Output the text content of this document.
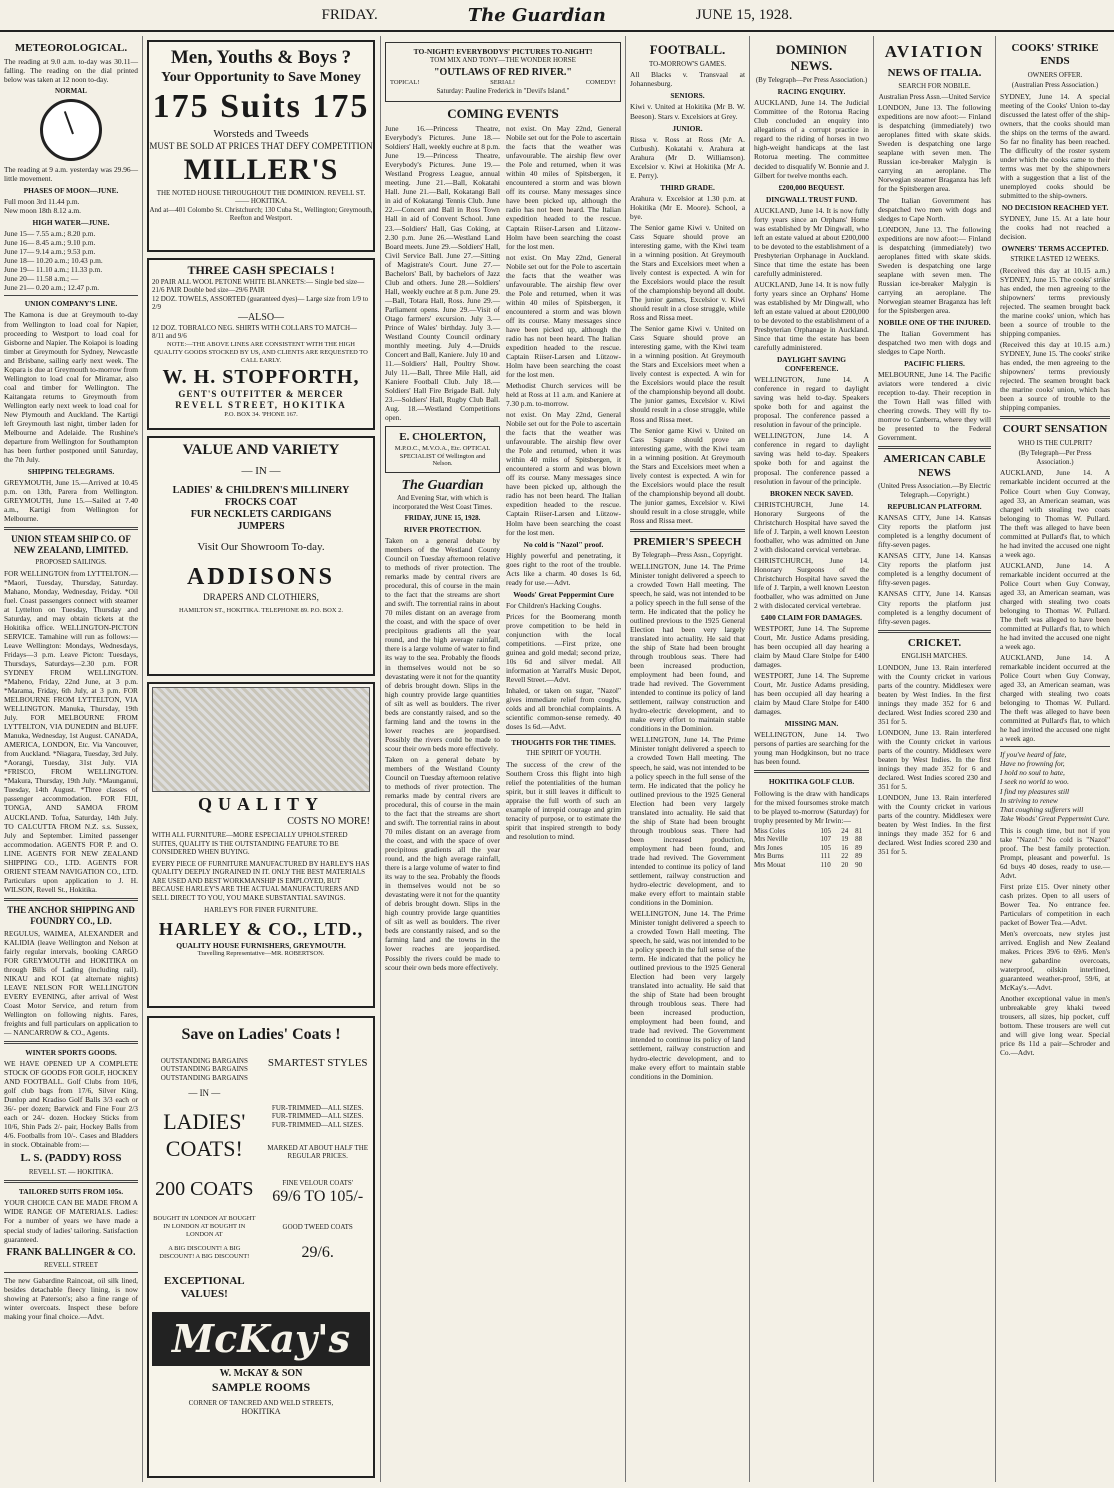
FRIDAY.	The Guardian	JUNE 15, 1928.
METEOROLOGICAL.

The reading at 9.0 a.m. to-day was 30.11—falling. The reading on the dial printed below was taken at 12 noon to-day.

NORMAL

The reading at 9 a.m. yesterday was 29.96—little movement.

PHASES OF MOON—JUNE.
Full moon 3rd 11.44 p.m.
New moon 18th 8.12 a.m.
HIGH WATER—JUNE.
June 15— 7.55 a.m.; 8.20 p.m.
June 16— 8.45 a.m.; 9.10 p.m.
June 17— 9.14 a.m.; 9.53 p.m.
June 18— 10.20 a.m.; 10.43 p.m.
June 19— 11.10 a.m.; 11.33 p.m.
June 20— 11.58 a.m.; —
June 21— 0.20 a.m.; 12.47 p.m.
UNION COMPANY'S LINE.

The Kamona is due at Greymouth to-day from Wellington to load coal for Napier, proceeding to Westport to load coal for Gisborne and Napier. The Koiapoi is loading timber at Greymouth for Sydney, Newcastle and Brisbane, sailing early next week. The Kopara is due at Greymouth to-morrow from Wellington to load coal for Miramar, also coal and timber for Wellington. The Kaitangata returns to Greymouth from Wellington early next week to load coal for New Plymouth and Auckland. The Kartigi left Greymouth last night, timber laden for Melbourne and Adelaide. The Rushine's departure from Wellington for Southampton has been further postponed until Saturday, the 7th July.

SHIPPING TELEGRAMS.

GREYMOUTH, June 15.—Arrived at 10.45 p.m. on 13th, Parera from Wellington. GREYMOUTH, June 15.—Sailed at 7.40 a.m., Kartigi from Wellington for Melbourne.

UNION STEAM SHIP CO. OF NEW ZEALAND, LIMITED.
PROPOSED SAILINGS.

FOR WELLINGTON from LYTTELTON.— *Maori, Tuesday, Thursday, Saturday. Mahano, Monday, Wednesday, Friday. *Oil fuel. Coast passengers connect with steamer at Lyttelton on Tuesday, Thursday and Saturday, and may obtain tickets at the Hokitika office. WELLINGTON-PICTON SERVICE. Tamahine will run as follows:— Leave Wellington: Mondays, Wednesdays, Fridays—3 p.m. Leave Picton: Tuesdays, Thursdays, Saturdays—2.30 p.m. FOR SYDNEY FROM WELLINGTON. *Maheno, Friday, 22nd June, at 3 p.m. *Marama, Friday, 6th July, at 3 p.m. FOR MELBOURNE FROM LYTTELTON, VIA WELLINGTON. Manuka, Thursday, 19th July. FOR MELBOURNE FROM LYTTELTON, VIA DUNEDIN and BLUFF. Manuka, Wednesday, 1st August. CANADA, AMERICA, LONDON, Etc. Via Vancouver, from Auckland. *Niagara, Tuesday, 3rd July. *Aorangi, Tuesday, 31st July. VIA *FRISCO, FROM WELLINGTON. *Makura, Thursday, 19th July. *Maunganui, Tuesday, 14th August. *Three classes of passenger accommodation. FOR FIJI, TONGA, AND SAMOA FROM AUCKLAND. Tofua, Saturday, 14th July. TO CALCUTTA FROM N.Z. s.s. Sussex, July and September. Limited passenger accommodation. AGENTS FOR P. and O. LINE. AGENTS FOR NEW ZEALAND SHIPPING CO., LTD. AGENTS FOR ORIENT STEAM NAVIGATION CO., LTD. Particulars upon application to J. H. WILSON, Revell St., Hokitika.

THE ANCHOR SHIPPING AND FOUNDRY CO., LD.

REGULUS, WAIMEA, ALEXANDER and KALIDIA (leave Wellington and Nelson at fairly regular intervals, booking CARGO FOR GREYMOUTH and HOKITIKA on through Bills of Lading (including rail). NIKAU and KOI (at alternate nights) LEAVE NELSON FOR WELLINGTON EVERY EVENING, after arrival of West Coast Motor Service, and return from Wellington on following nights. Fares, freights and full particulars on application to— NANCARROW & CO., Agents.

WINTER SPORTS GOODS.

WE HAVE OPENED UP A COMPLETE STOCK OF GOODS FOR GOLF, HOCKEY AND FOOTBALL. Golf Clubs from 10/6, golf club bags from 17/6, Silver King, Dunlop and Kradiso Golf Balls 3/3 each or 36/- per dozen; Barwick and Fine Four 2/3 each or 24/- dozen. Hockey Sticks from 10/6, Shin Pads 2/- pair, Hockey Balls from 4/6. Footballs from 10/-. Cases and Bladders in stock. Obtainable from:—

L. S. (PADDY) ROSS
REVELL ST. — HOKITIKA.
TAILORED SUITS FROM 105s.

YOUR CHOICE CAN BE MADE FROM A WIDE RANGE OF MATERIALS. Ladies: For a number of years we have made a special study of ladies' tailoring. Satisfaction guaranteed.

FRANK BALLINGER & CO.
REVELL STREET

The new Gabardine Raincoat, oil silk lined, besides detachable fleecy lining, is now showing at Paterson's; also a fine range of winter overcoats. Inspect these before making your final choice.—Advt.

Men, Youths & Boys ?
Your Opportunity to Save Money
175 Suits 175
Worsteds and Tweeds
MUST BE SOLD AT PRICES THAT DEFY COMPETITION
MILLER'S
THE NOTED HOUSE THROUGHOUT THE DOMINION. REVELL ST. —— HOKITIKA.
And at—401 Colombo St. Christchurch; 130 Cuba St., Wellington; Greymouth, Reefton and Westport.
THREE CASH SPECIALS !
20 PAIR ALL WOOL PETONE WHITE BLANKETS:— Single bed size—21/6 PAIR Double bed size—29/6 PAIR
12 DOZ. TOWELS, ASSORTED (guaranteed dyes)— Large size from 1/9 to 2/9
—ALSO—
12 DOZ. TOBRALCO NEG. SHIRTS WITH COLLARS TO MATCH— 8/11 and 9/6
NOTE:—THE ABOVE LINES ARE CONSISTENT WITH THE HIGH QUALITY GOODS STOCKED BY US, AND CLIENTS ARE REQUESTED TO CALL EARLY.
W. H. STOPFORTH,
GENT'S OUTFITTER & MERCER
REVELL STREET, HOKITIKA
P.O. BOX 34. 'PHONE 167.
VALUE AND VARIETY
— IN —
LADIES' & CHILDREN'S MILLINERY
FROCKS COAT
FUR NECKLETS CARDIGANS
JUMPERS
Visit Our Showroom To-day.
ADDISONS
DRAPERS AND CLOTHIERS,
HAMILTON ST., HOKITIKA. TELEPHONE 89. P.O. BOX 2.
QUALITY
COSTS NO MORE!
WITH ALL FURNITURE—MORE ESPECIALLY UPHOLSTERED SUITES, QUALITY IS THE OUTSTANDING FEATURE TO BE CONSIDERED WHEN BUYING.
EVERY PIECE OF FURNITURE MANUFACTURED BY HARLEY'S HAS QUALITY DEEPLY INGRAINED IN IT. ONLY THE BEST MATERIALS ARE USED AND BEST WORKMANSHIP IS EMPLOYED, BUT BECAUSE HARLEY'S ARE THE ACTUAL MANUFACTURERS AND SELL DIRECT TO YOU, YOU MAKE SUBSTANTIAL SAVINGS.
HARLEY'S FOR FINER FURNITURE.
HARLEY & CO., LTD.,
QUALITY HOUSE FURNISHERS, GREYMOUTH.
Travelling Representative—MR. ROBERTSON.
Save on Ladies' Coats !
OUTSTANDING BARGAINS
OUTSTANDING BARGAINS
OUTSTANDING BARGAINS
— IN —
LADIES' COATS!
200 COATS
BOUGHT IN LONDON AT BOUGHT IN LONDON AT BOUGHT IN LONDON AT
A BIG DISCOUNT! A BIG DISCOUNT! A BIG DISCOUNT!
EXCEPTIONAL VALUES!
SMARTEST STYLES
FUR-TRIMMED—ALL SIZES.
FUR-TRIMMED—ALL SIZES.
FUR-TRIMMED—ALL SIZES.
MARKED AT ABOUT HALF THE REGULAR PRICES.
FINE VELOUR COATS'
69/6 TO 105/-
GOOD TWEED COATS
29/6.
McKay's
W. McKAY & SON
SAMPLE ROOMS
CORNER OF TANCRED AND WELD STREETS,
HOKITIKA
TO-NIGHT! EVERYBODYS' PICTURES TO-NIGHT!
TOM MIX AND TONY—THE WONDER HORSE
"OUTLAWS OF RED RIVER."
TOPICAL!	SERIAL!	COMEDY!
Saturday: Pauline Frederick in "Devil's Island."
COMING EVENTS

June 16.—Princess Theatre, Everybody's Pictures. June 18.—Soldiers' Hall, weekly euchre at 8 p.m. June 19.—Princess Theatre, Everybody's Pictures. June 19.—Westland Progress League, annual meeting. June 21.—Ball, Kokatahi Hall. June 21.—Ball, Kokatangi Ball in aid of Kokatangi Tennis Club. June 22.—Concert and Ball in Ross Town Hall in aid of Convent School. June 23.—Soldiers' Hall, Gas Coking, at 2.30 p.m. June 26.—Westland Land Board meets. June 29.—Soldiers' Hall, Civil Service Ball. June 27.—Sitting of Magistrate's Court. June 27.—Bachelors' Ball, by bachelors of Jazz Club and others. June 28.—Soldiers' Hall, weekly euchre at 8 p.m. June 29.—Ball, Totara Hall, Ross. June 29.—Parliament opens. June 29.—Visit of Otago farmers' excursion. July 3.—Prince of Wales' birthday. July 3.—Westland County Council ordinary monthly meeting. July 4.—Druids Concert and Ball, Kaniere. July 10 and 11.—Soldiers' Hall, Poultry Show. July 11.—Ball, Three Mile Hall, aid Kaniere Football Club. July 18.—Soldiers' Hall Fire Brigade Ball. July 23.—Soldiers' Hall, Rugby Club Ball. Aug. 18.—Westland Competitions open.

E. CHOLERTON,
M.P.O.C., M.V.O.A., Etc. OPTICAL SPECIALIST Of Wellington and Nelson.
The Guardian
And Evening Star, with which is incorporated the West Coast Times.
FRIDAY, JUNE 15, 1928.
RIVER PROTECTION.

Taken on a general debate by members of the Westland County Council on Tuesday afternoon relative to methods of river protection. The remarks made by central rivers are procedural, this of course in the main to the fact that the streams are short and swift. The torrential rains in about 70 miles distant on an average from the coast, and with the space of over precipitous gradients all the year round, and the high average rainfall, there is a large volume of water to find its way to the sea. Probably the floods in themselves would not be so devastating were it not for the quantity of debris brought down. Slips in the high country provide large quantities of silt as well as boulders. The river beds are constantly raised, and so the farming land and the towns in the lower reaches are jeopardised. Possibly the rivers could be made to scour their own beds more effectively.

Taken on a general debate by members of the Westland County Council on Tuesday afternoon relative to methods of river protection. The remarks made by central rivers are procedural, this of course in the main to the fact that the streams are short and swift. The torrential rains in about 70 miles distant on an average from the coast, and with the space of over precipitous gradients all the year round, and the high average rainfall, there is a large volume of water to find its way to the sea. Probably the floods in themselves would not be so devastating were it not for the quantity of debris brought down. Slips in the high country provide large quantities of silt as well as boulders. The river beds are constantly raised, and so the farming land and the towns in the lower reaches are jeopardised. Possibly the rivers could be made to scour their own beds more effectively.

not exist. On May 22nd, General Nobile set out for the Pole to ascertain the facts that the weather was unfavourable. The airship flew over the Pole and returned, when it was within 40 miles of Spitsbergen, it encountered a storm and was blown off its course. Many messages since have been picked up, although the radio has not been heard. The Italian expedition headed to the rescue. Captain Riiser-Larsen and Lützow-Holm have been searching the coast for the lost men.

not exist. On May 22nd, General Nobile set out for the Pole to ascertain the facts that the weather was unfavourable. The airship flew over the Pole and returned, when it was within 40 miles of Spitsbergen, it encountered a storm and was blown off its course. Many messages since have been picked up, although the radio has not been heard. The Italian expedition headed to the rescue. Captain Riiser-Larsen and Lützow-Holm have been searching the coast for the lost men.

Methodist Church services will be held at Ross at 11 a.m. and Kaniere at 7.30 p.m. to-morrow.

not exist. On May 22nd, General Nobile set out for the Pole to ascertain the facts that the weather was unfavourable. The airship flew over the Pole and returned, when it was within 40 miles of Spitsbergen, it encountered a storm and was blown off its course. Many messages since have been picked up, although the radio has not been heard. The Italian expedition headed to the rescue. Captain Riiser-Larsen and Lützow-Holm have been searching the coast for the lost men.

No cold is "Nazol" proof.

Highly powerful and penetrating, it goes right to the root of the trouble. Acts like a charm. 40 doses 1s 6d, ready for use.—Advt.

Woods' Great Peppermint Cure

For Children's Hacking Coughs.

Prices for the Boomerang month prove competition to be held in conjunction with the local competitions. —First prize, one guinea and gold medal; second prize, 10s 6d and silver medal. All information at Yarrall's Music Depot, Revell Street.—Advt.

Inhaled, or taken on sugar, "Nazol" gives immediate relief from coughs, colds and all bronchial complaints. A scientific common-sense remedy. 40 doses 1s 6d.—Advt.

THOUGHTS FOR THE TIMES.
THE SPIRIT OF YOUTH.

The success of the crew of the Southern Cross this flight into high relief the potentialities of the human spirit, but it still leaves it difficult to appraise the full worth of such an example of intrepid courage and grim tenacity of purpose, or to estimate the spirit that inspired strength to body and resolution to mind.

FOOTBALL.
TO-MORROW'S GAMES.

All Blacks v. Transvaal at Johannesburg.

SENIORS.

Kiwi v. United at Hokitika (Mr B. W. Beeson). Stars v. Excelsiors at Grey.

JUNIOR.

Rissa v. Ross at Ross (Mr A. Cutbush). Kokatahi v. Arahura at Arahura (Mr D. Williamson). Excelsior v. Kiwi at Hokitika (Mr A. E. Perry).

THIRD GRADE.

Arahura v. Excelsior at 1.30 p.m. at Hokitika (Mr E. Moore). School, a bye.

The Senior game Kiwi v. United on Cass Square should prove an interesting game, with the Kiwi team in a winning position. At Greymouth the Stars and Excelsiors meet when a lively contest is expected. A win for the Excelsiors would place the result of the championship beyond all doubt. The junior games, Excelsior v. Kiwi should result in a close struggle, while Ross and Rissa meet.

The Senior game Kiwi v. United on Cass Square should prove an interesting game, with the Kiwi team in a winning position. At Greymouth the Stars and Excelsiors meet when a lively contest is expected. A win for the Excelsiors would place the result of the championship beyond all doubt. The junior games, Excelsior v. Kiwi should result in a close struggle, while Ross and Rissa meet.

The Senior game Kiwi v. United on Cass Square should prove an interesting game, with the Kiwi team in a winning position. At Greymouth the Stars and Excelsiors meet when a lively contest is expected. A win for the Excelsiors would place the result of the championship beyond all doubt. The junior games, Excelsior v. Kiwi should result in a close struggle, while Ross and Rissa meet.

PREMIER'S SPEECH
By Telegraph—Press Assn., Copyright.

WELLINGTON, June 14. The Prime Minister tonight delivered a speech to a crowded Town Hall meeting. The speech, he said, was not intended to be a policy speech in the full sense of the term. He indicated that the policy he outlined previous to the 1925 General Election had been very largely translated into actuality. He said that the ship of State had been brought through troublous seas. There had been increased production, employment had been found, and trade had revived. The Government intended to continue its policy of land settlement, railway construction and hydro-electric development, and to make every effort to maintain stable conditions in the Dominion.

WELLINGTON, June 14. The Prime Minister tonight delivered a speech to a crowded Town Hall meeting. The speech, he said, was not intended to be a policy speech in the full sense of the term. He indicated that the policy he outlined previous to the 1925 General Election had been very largely translated into actuality. He said that the ship of State had been brought through troublous seas. There had been increased production, employment had been found, and trade had revived. The Government intended to continue its policy of land settlement, railway construction and hydro-electric development, and to make every effort to maintain stable conditions in the Dominion.

WELLINGTON, June 14. The Prime Minister tonight delivered a speech to a crowded Town Hall meeting. The speech, he said, was not intended to be a policy speech in the full sense of the term. He indicated that the policy he outlined previous to the 1925 General Election had been very largely translated into actuality. He said that the ship of State had been brought through troublous seas. There had been increased production, employment had been found, and trade had revived. The Government intended to continue its policy of land settlement, railway construction and hydro-electric development, and to make every effort to maintain stable conditions in the Dominion.

DOMINION NEWS.
(By Telegraph—Per Press Association.)
RACING ENQUIRY.

AUCKLAND, June 14. The Judicial Committee of the Rotorua Racing Club concluded an enquiry into allegations of a corrupt practice in regard to the riding of horses in two high-weight handicaps at the last Rotorua meeting. The committee decided to disqualify W. Bonnie and J. Gilbert for twelve months each.

£200,000 BEQUEST.
DINGWALL TRUST FUND.

AUCKLAND, June 14. It is now fully forty years since an Orphans' Home was established by Mr Dingwall, who left an estate valued at about £200,000 to be devoted to the establishment of a Presbyterian Orphanage in Auckland. Since that time the estate has been carefully administered.

AUCKLAND, June 14. It is now fully forty years since an Orphans' Home was established by Mr Dingwall, who left an estate valued at about £200,000 to be devoted to the establishment of a Presbyterian Orphanage in Auckland. Since that time the estate has been carefully administered.

DAYLIGHT SAVING CONFERENCE.

WELLINGTON, June 14. A conference in regard to daylight saving was held to-day. Speakers spoke both for and against the proposal. The conference passed a resolution in favour of the principle.

WELLINGTON, June 14. A conference in regard to daylight saving was held to-day. Speakers spoke both for and against the proposal. The conference passed a resolution in favour of the principle.

BROKEN NECK SAVED.

CHRISTCHURCH, June 14. Honorary Surgeons of the Christchurch Hospital have saved the life of J. Tarpin, a well known Leeston footballer, who was admitted on June 2 with dislocated cervical vertebrae.

CHRISTCHURCH, June 14. Honorary Surgeons of the Christchurch Hospital have saved the life of J. Tarpin, a well known Leeston footballer, who was admitted on June 2 with dislocated cervical vertebrae.

£400 CLAIM FOR DAMAGES.

WESTPORT, June 14. The Supreme Court, Mr. Justice Adams presiding, has been occupied all day hearing a claim by Maud Clare Stolpe for £400 damages.

WESTPORT, June 14. The Supreme Court, Mr. Justice Adams presiding, has been occupied all day hearing a claim by Maud Clare Stolpe for £400 damages.

MISSING MAN.

WELLINGTON, June 14. Two persons of parties are searching for the young man Hodgkinson, but no trace has been found.

HOKITIKA GOLF CLUB.

Following is the draw with handicaps for the mixed foursomes stroke match to be played to-morrow (Saturday) for trophy presented by Mr Irwin:—

Miss Coles	105	24	81
Mrs Neville	107	19	88
Mrs Jones	105	16	89
Mrs Burns	111	22	89
Mrs Mouat	110	20	90
AVIATION
NEWS OF ITALIA.
SEARCH FOR NOBILE.
Australian Press Assn.—United Service

LONDON, June 13. The following expeditions are now afoot:— Finland is despatching (immediately) two aeroplanes fitted with skate skids. Sweden is despatching one large seaplane with seven men. The Russian ice-breaker Malygin is carrying an aeroplane. The Norwegian steamer Braganza has left for the Spitsbergen area.

The Italian Government has despatched two men with dogs and sledges to Cape North.

LONDON, June 13. The following expeditions are now afoot:— Finland is despatching (immediately) two aeroplanes fitted with skate skids. Sweden is despatching one large seaplane with seven men. The Russian ice-breaker Malygin is carrying an aeroplane. The Norwegian steamer Braganza has left for the Spitsbergen area.

NOBILE ONE OF THE INJURED.

The Italian Government has despatched two men with dogs and sledges to Cape North.

PACIFIC FLIERS.

MELBOURNE, June 14. The Pacific aviators were tendered a civic reception to-day. Their reception in the Town Hall was filled with cheering crowds. They will fly to-morrow to Canberra, where they will be presented to the Federal Government.

AMERICAN CABLE NEWS
(United Press Association.—By Electric Telegraph.—Copyright.)
REPUBLICAN PLATFORM.

KANSAS CITY, June 14. Kansas City reports the platform just completed is a lengthy document of fifty-seven pages.

KANSAS CITY, June 14. Kansas City reports the platform just completed is a lengthy document of fifty-seven pages.

KANSAS CITY, June 14. Kansas City reports the platform just completed is a lengthy document of fifty-seven pages.

CRICKET.
ENGLISH MATCHES.

LONDON, June 13. Rain interfered with the County cricket in various parts of the country. Middlesex were beaten by West Indies. In the first innings they made 352 for 6 and declared. West Indies scored 230 and 351 for 5.

LONDON, June 13. Rain interfered with the County cricket in various parts of the country. Middlesex were beaten by West Indies. In the first innings they made 352 for 6 and declared. West Indies scored 230 and 351 for 5.

LONDON, June 13. Rain interfered with the County cricket in various parts of the country. Middlesex were beaten by West Indies. In the first innings they made 352 for 6 and declared. West Indies scored 230 and 351 for 5.

COOKS' STRIKE ENDS
OWNERS OFFER.
(Australian Press Association.)

SYDNEY, June 14. A special meeting of the Cooks' Union to-day discussed the latest offer of the ship-owners, that the cooks should man the ships on the terms of the award. So far no finality has been reached. The difficulty of the roster system under which the cooks came to their terms was met by the shipowners with a suggestion that a list of the unemployed cooks should be submitted to the ship-owners.

NO DECISION REACHED YET.

SYDNEY, June 15. At a late hour the cooks had not reached a decision.

OWNERS' TERMS ACCEPTED.
STRIKE LASTED 12 WEEKS.

(Received this day at 10.15 a.m.) SYDNEY, June 15. The cooks' strike has ended, the men agreeing to the shipowners' terms previously rejected. The seamen brought back the marine cooks' union, which has been a source of trouble to the shipping companies.

(Received this day at 10.15 a.m.) SYDNEY, June 15. The cooks' strike has ended, the men agreeing to the shipowners' terms previously rejected. The seamen brought back the marine cooks' union, which has been a source of trouble to the shipping companies.

COURT SENSATION
WHO IS THE CULPRIT?
(By Telegraph—Per Press Association.)

AUCKLAND, June 14. A remarkable incident occurred at the Police Court when Guy Conway, aged 33, an American seaman, was charged with stealing two coats belonging to Thomas W. Pullard. The theft was alleged to have been committed at Pullard's flat, to which he had invited the accused one night a week ago.

AUCKLAND, June 14. A remarkable incident occurred at the Police Court when Guy Conway, aged 33, an American seaman, was charged with stealing two coats belonging to Thomas W. Pullard. The theft was alleged to have been committed at Pullard's flat, to which he had invited the accused one night a week ago.

AUCKLAND, June 14. A remarkable incident occurred at the Police Court when Guy Conway, aged 33, an American seaman, was charged with stealing two coats belonging to Thomas W. Pullard. The theft was alleged to have been committed at Pullard's flat, to which he had invited the accused one night a week ago.

If you've heard of fate,
Have no frowning for,
I hold no soul to hate,
I seek no world to woo.
I find my pleasures still
In striving to renew
That coughing sufferers will
Take Woods' Great Peppermint Cure.

This is cough time, but not if you take "Nazol." No cold is "Nazol" proof. The best family protection. Prompt, pleasant and powerful. 1s 6d buys 40 doses, ready to use.—Advt.

First prize £15. Over ninety other cash prizes. Open to all users of Bower Tea. No entrance fee. Particulars of competition in each packet of Bower Tea.—Advt.

Men's overcoats, new styles just arrived. English and New Zealand makes. Prices 39/6 to 69/6. Men's new gabardine overcoats, waterproof, oilskin interlined, guaranteed weather-proof, 59/6, at McKay's.—Advt.

Another exceptional value in men's unbreakable grey khaki tweed trousers, all sizes, hip pocket, cuff bottom. These trousers are well cut and will give long wear. Special price 8s 11d a pair—Schroder and Co.—Advt.
